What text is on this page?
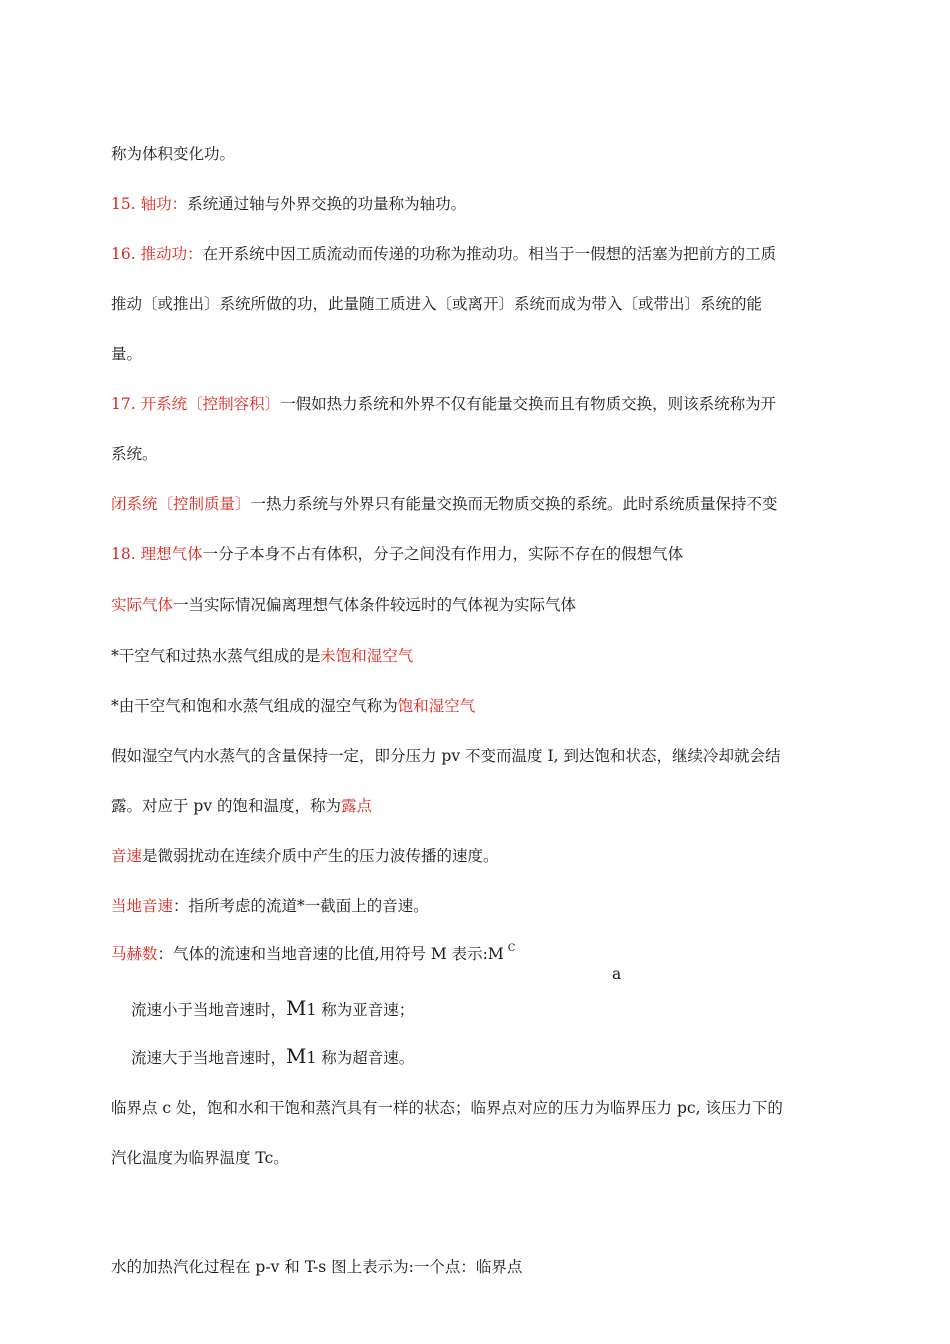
称为体积变化功。
15. 轴功：系统通过轴与外界交换的功量称为轴功。
16. 推动功：在开系统中因工质流动而传递的功称为推动功。相当于一假想的活塞为把前方的工质
推动〔或推出〕系统所做的功，此量随工质进入〔或离开〕系统而成为带入〔或带出〕系统的能
量。
17. 开系统〔控制容积〕一假如热力系统和外界不仅有能量交换而且有物质交换，则该系统称为开
系统。
闭系统〔控制质量〕一热力系统与外界只有能量交换而无物质交换的系统。此时系统质量保持不变
18. 理想气体一分子本身不占有体积，分子之间没有作用力，实际不存在的假想气体
实际气体一当实际情况偏离理想气体条件较远时的气体视为实际气体
*干空气和过热水蒸气组成的是未饱和湿空气
*由干空气和饱和水蒸气组成的湿空气称为饱和湿空气
假如湿空气内水蒸气的含量保持一定，即分压力 pv 不变而温度 I, 到达饱和状态，继续冷却就会结
露。对应于 pv 的饱和温度，称为露点
音速是微弱扰动在连续介质中产生的压力波传播的速度。
当地音速：指所考虑的流道*一截面上的音速。
马赫数：气体的流速和当地音速的比值,用符号 M 表示:M $^C$
a
流速小于当地音速时，M1 称为亚音速；
流速大于当地音速时，M1 称为超音速。
临界点 c 处，饱和水和干饱和蒸汽具有一样的状态；临界点对应的压力为临界压力 pc, 该压力下的
汽化温度为临界温度 Tc。
水的加热汽化过程在 p-v 和 T-s 图上表示为:一个点：临界点
